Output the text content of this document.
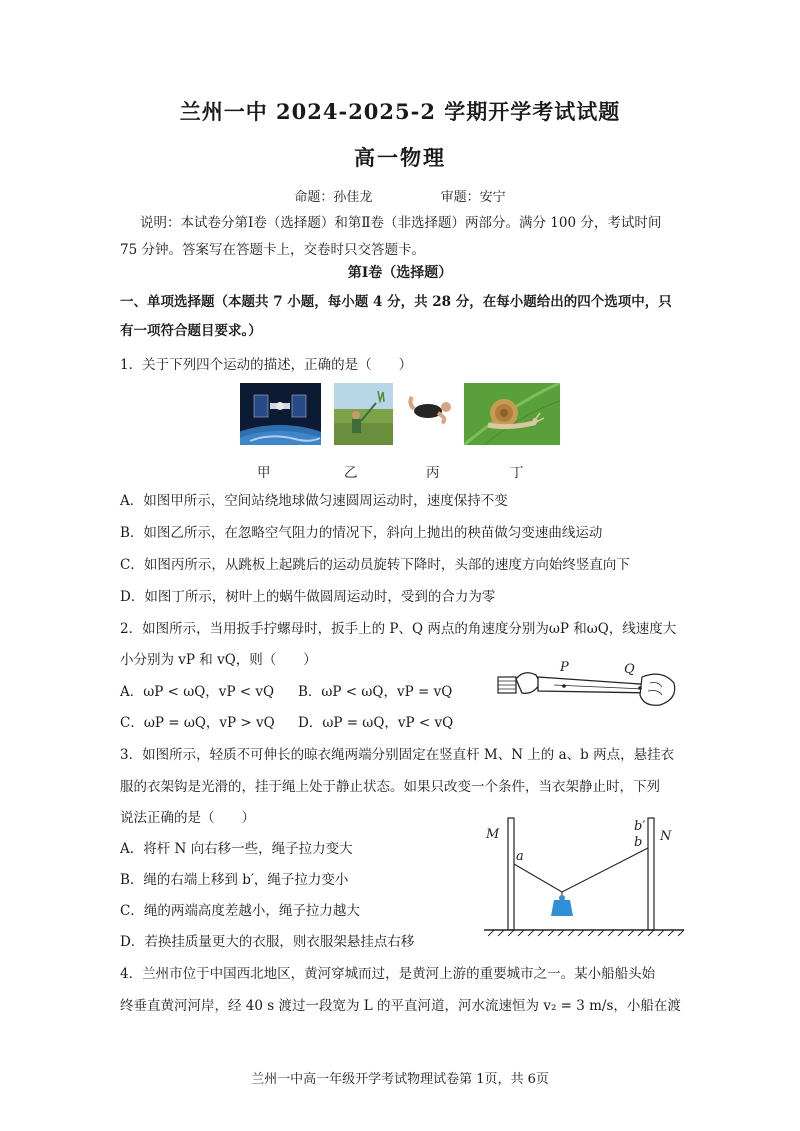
兰州一中 2024-2025-2 学期开学考试试题
高一物理
命题：孙佳龙	审题：安宁
说明：本试卷分第Ⅰ卷（选择题）和第Ⅱ卷（非选择题）两部分。满分 100 分，考试时间
75 分钟。答案写在答题卡上，交卷时只交答题卡。
第Ⅰ卷（选择题）
一、单项选择题（本题共 7 小题，每小题 4 分，共 28 分，在每小题给出的四个选项中，只
有一项符合题目要求。）
1．关于下列四个运动的描述，正确的是（　　）
甲	乙	丙	丁
A．如图甲所示，空间站绕地球做匀速圆周运动时，速度保持不变
B．如图乙所示，在忽略空气阻力的情况下，斜向上抛出的秧苗做匀变速曲线运动
C．如图丙所示，从跳板上起跳后的运动员旋转下降时，头部的速度方向始终竖直向下
D．如图丁所示，树叶上的蜗牛做圆周运动时，受到的合力为零
2．如图所示，当用扳手拧螺母时，扳手上的 P、Q 两点的角速度分别为ωP 和ωQ，线速度大
小分别为 vP 和 vQ，则（　　）
A．ωP < ωQ，vP < vQ B．ωP < ωQ，vP = vQ
C．ωP = ωQ，vP > vQ D．ωP = ωQ，vP < vQ
P	Q
3．如图所示，轻质不可伸长的晾衣绳两端分别固定在竖直杆 M、N 上的 a、b 两点，悬挂衣
服的衣架钩是光滑的，挂于绳上处于静止状态。如果只改变一个条件，当衣架静止时，下列
说法正确的是（　　）
A．将杆 N 向右移一些，绳子拉力变大
B．绳的右端上移到 b′，绳子拉力变小
C．绳的两端高度差越小，绳子拉力越大
D．若换挂质量更大的衣服，则衣服架悬挂点右移
M	N
a
b
b′
4．兰州市位于中国西北地区，黄河穿城而过，是黄河上游的重要城市之一。某小船船头始
终垂直黄河河岸，经 40 s 渡过一段宽为 L 的平直河道，河水流速恒为 v₂ = 3 m/s，小船在渡
兰州一中高一年级开学考试物理试卷第 1页，共 6页
